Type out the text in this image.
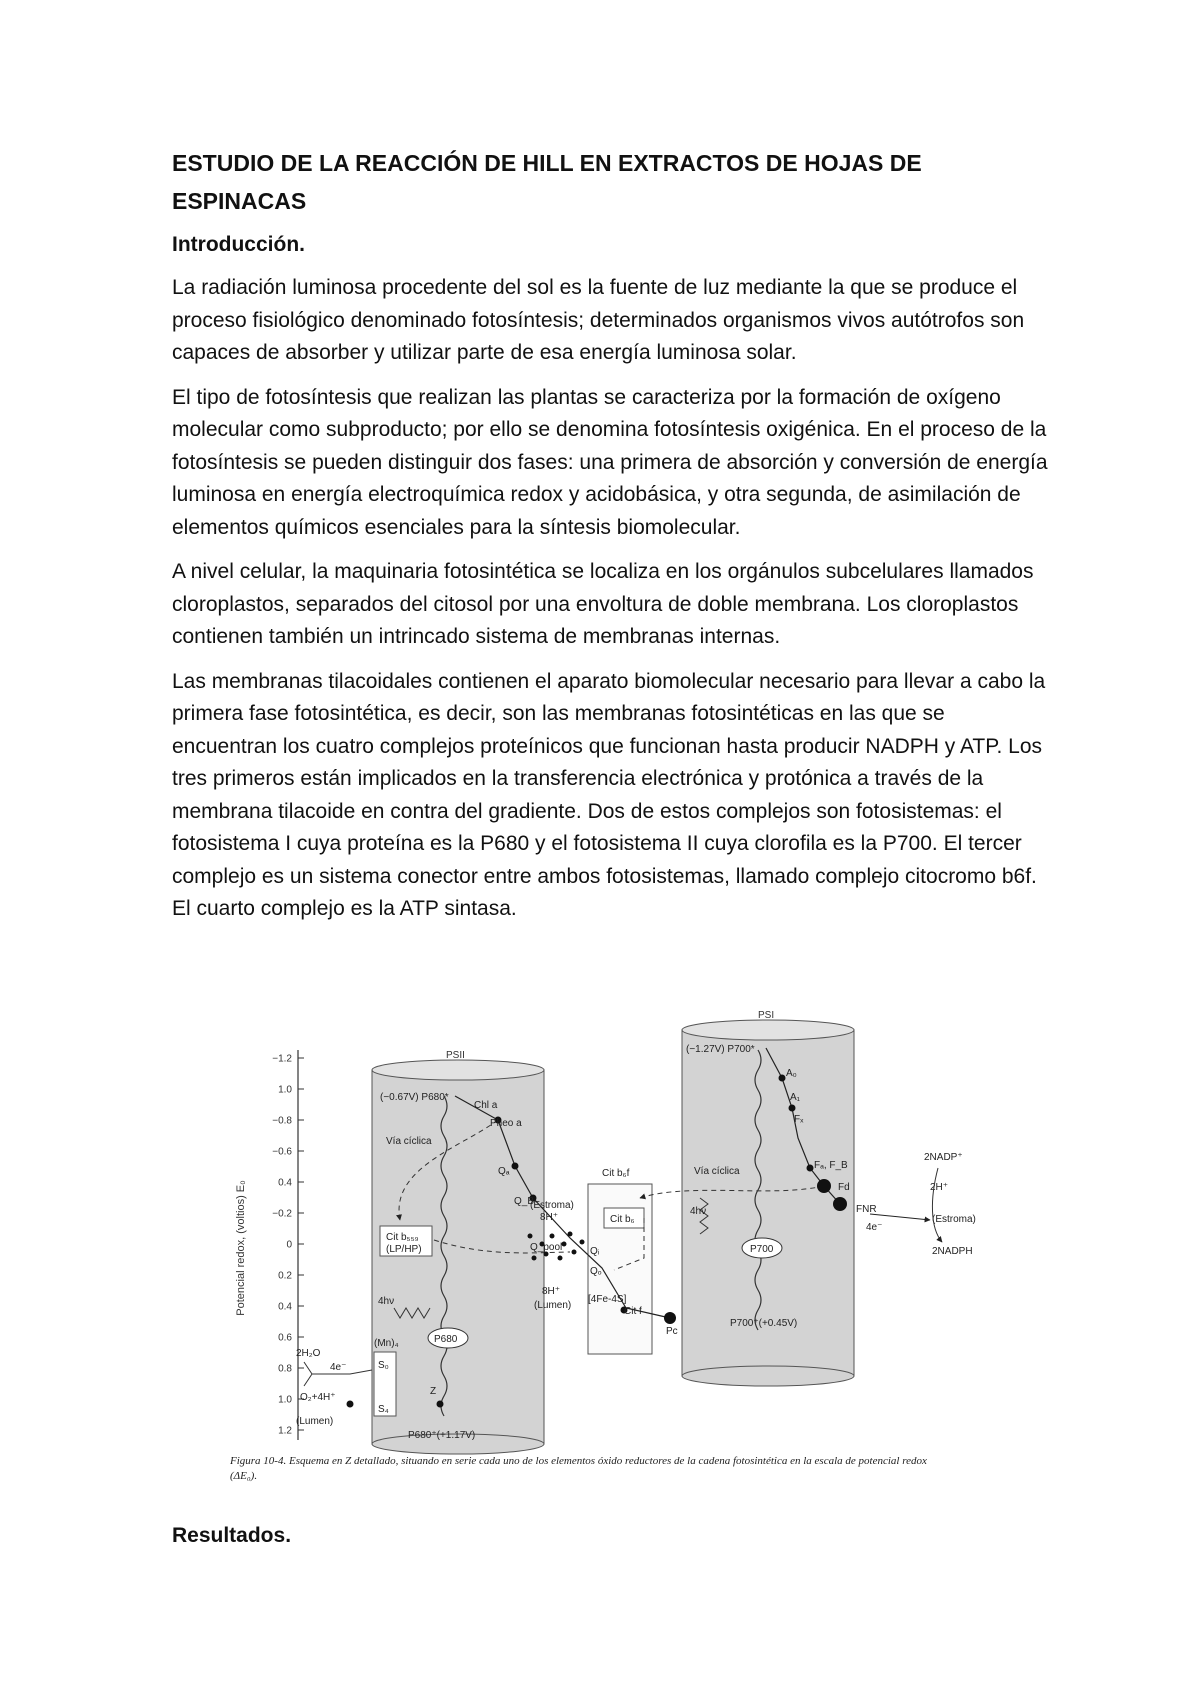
ESTUDIO DE LA REACCIÓN DE HILL EN EXTRACTOS DE HOJAS DE ESPINACAS
Introducción.

La radiación luminosa procedente del sol es la fuente de luz mediante la que se produce el proceso fisiológico denominado fotosíntesis; determinados organismos vivos autótrofos son capaces de absorber y utilizar parte de esa energía luminosa solar.

El tipo de fotosíntesis que realizan las plantas se caracteriza por la formación de oxígeno molecular como subproducto; por ello se denomina fotosíntesis oxigénica. En el proceso de la fotosíntesis se pueden distinguir dos fases: una primera de absorción y conversión de energía luminosa en energía electroquímica redox y acidobásica, y otra segunda, de asimilación de elementos químicos esenciales para la síntesis biomolecular.

A nivel celular, la maquinaria fotosintética se localiza en los orgánulos subcelulares llamados cloroplastos, separados del citosol por una envoltura de doble membrana. Los cloroplastos contienen también un intrincado sistema de membranas internas.

Las membranas tilacoidales contienen el aparato biomolecular necesario para llevar a cabo la primera fase fotosintética, es decir, son las membranas fotosintéticas en las que se encuentran los cuatro complejos proteínicos que funcionan hasta producir NADPH y ATP. Los tres primeros están implicados en la transferencia electrónica y protónica a través de la membrana tilacoide en contra del gradiente. Dos de estos complejos son fotosistemas: el fotosistema I cuya proteína es la P680 y el fotosistema II cuya clorofila es la P700. El tercer complejo es un sistema conector entre ambos fotosistemas, llamado complejo citocromo b6f. El cuarto complejo es la ATP sintasa.

−1.2
1.0
−0.8
−0.6
0.4
−0.2
0
0.2
0.4
0.6
0.8
1.0
1.2
Potencial redox, (voltios) E₀
PSII
PSI
(−0.67V) P680*
Chl a
Pheo a
Vía cíclica
Qₐ
Q_B
Cit b₅₅₉
(LP/HP)
4hν
(Mn)₄	P680
S₀
S₄
Z
P680⁺(+1.17V)
2H₂O
4e⁻
O₂+4H⁺
(Lumen)
Cit b₆f
(Estroma)
8H⁺
Q_pool
Cit b₆
Qᵢ
Qₒ
8H⁺
(Lumen)
[4Fe-4S]
Cit f
Pc
(−1.27V) P700*
A₀
A₁
Fₓ
Fₐ, F_B
Fd
Vía cíclica
4hν
P700
P700⁺(+0.45V)
FNR
4e⁻
2NADP⁺
2H⁺
(Estroma)
2NADPH
Figura 10-4. Esquema en Z detallado, situando en serie cada uno de los elementos óxido reductores de la cadena fotosintética en la escala de potencial redox (ΔE₀).
Resultados.
